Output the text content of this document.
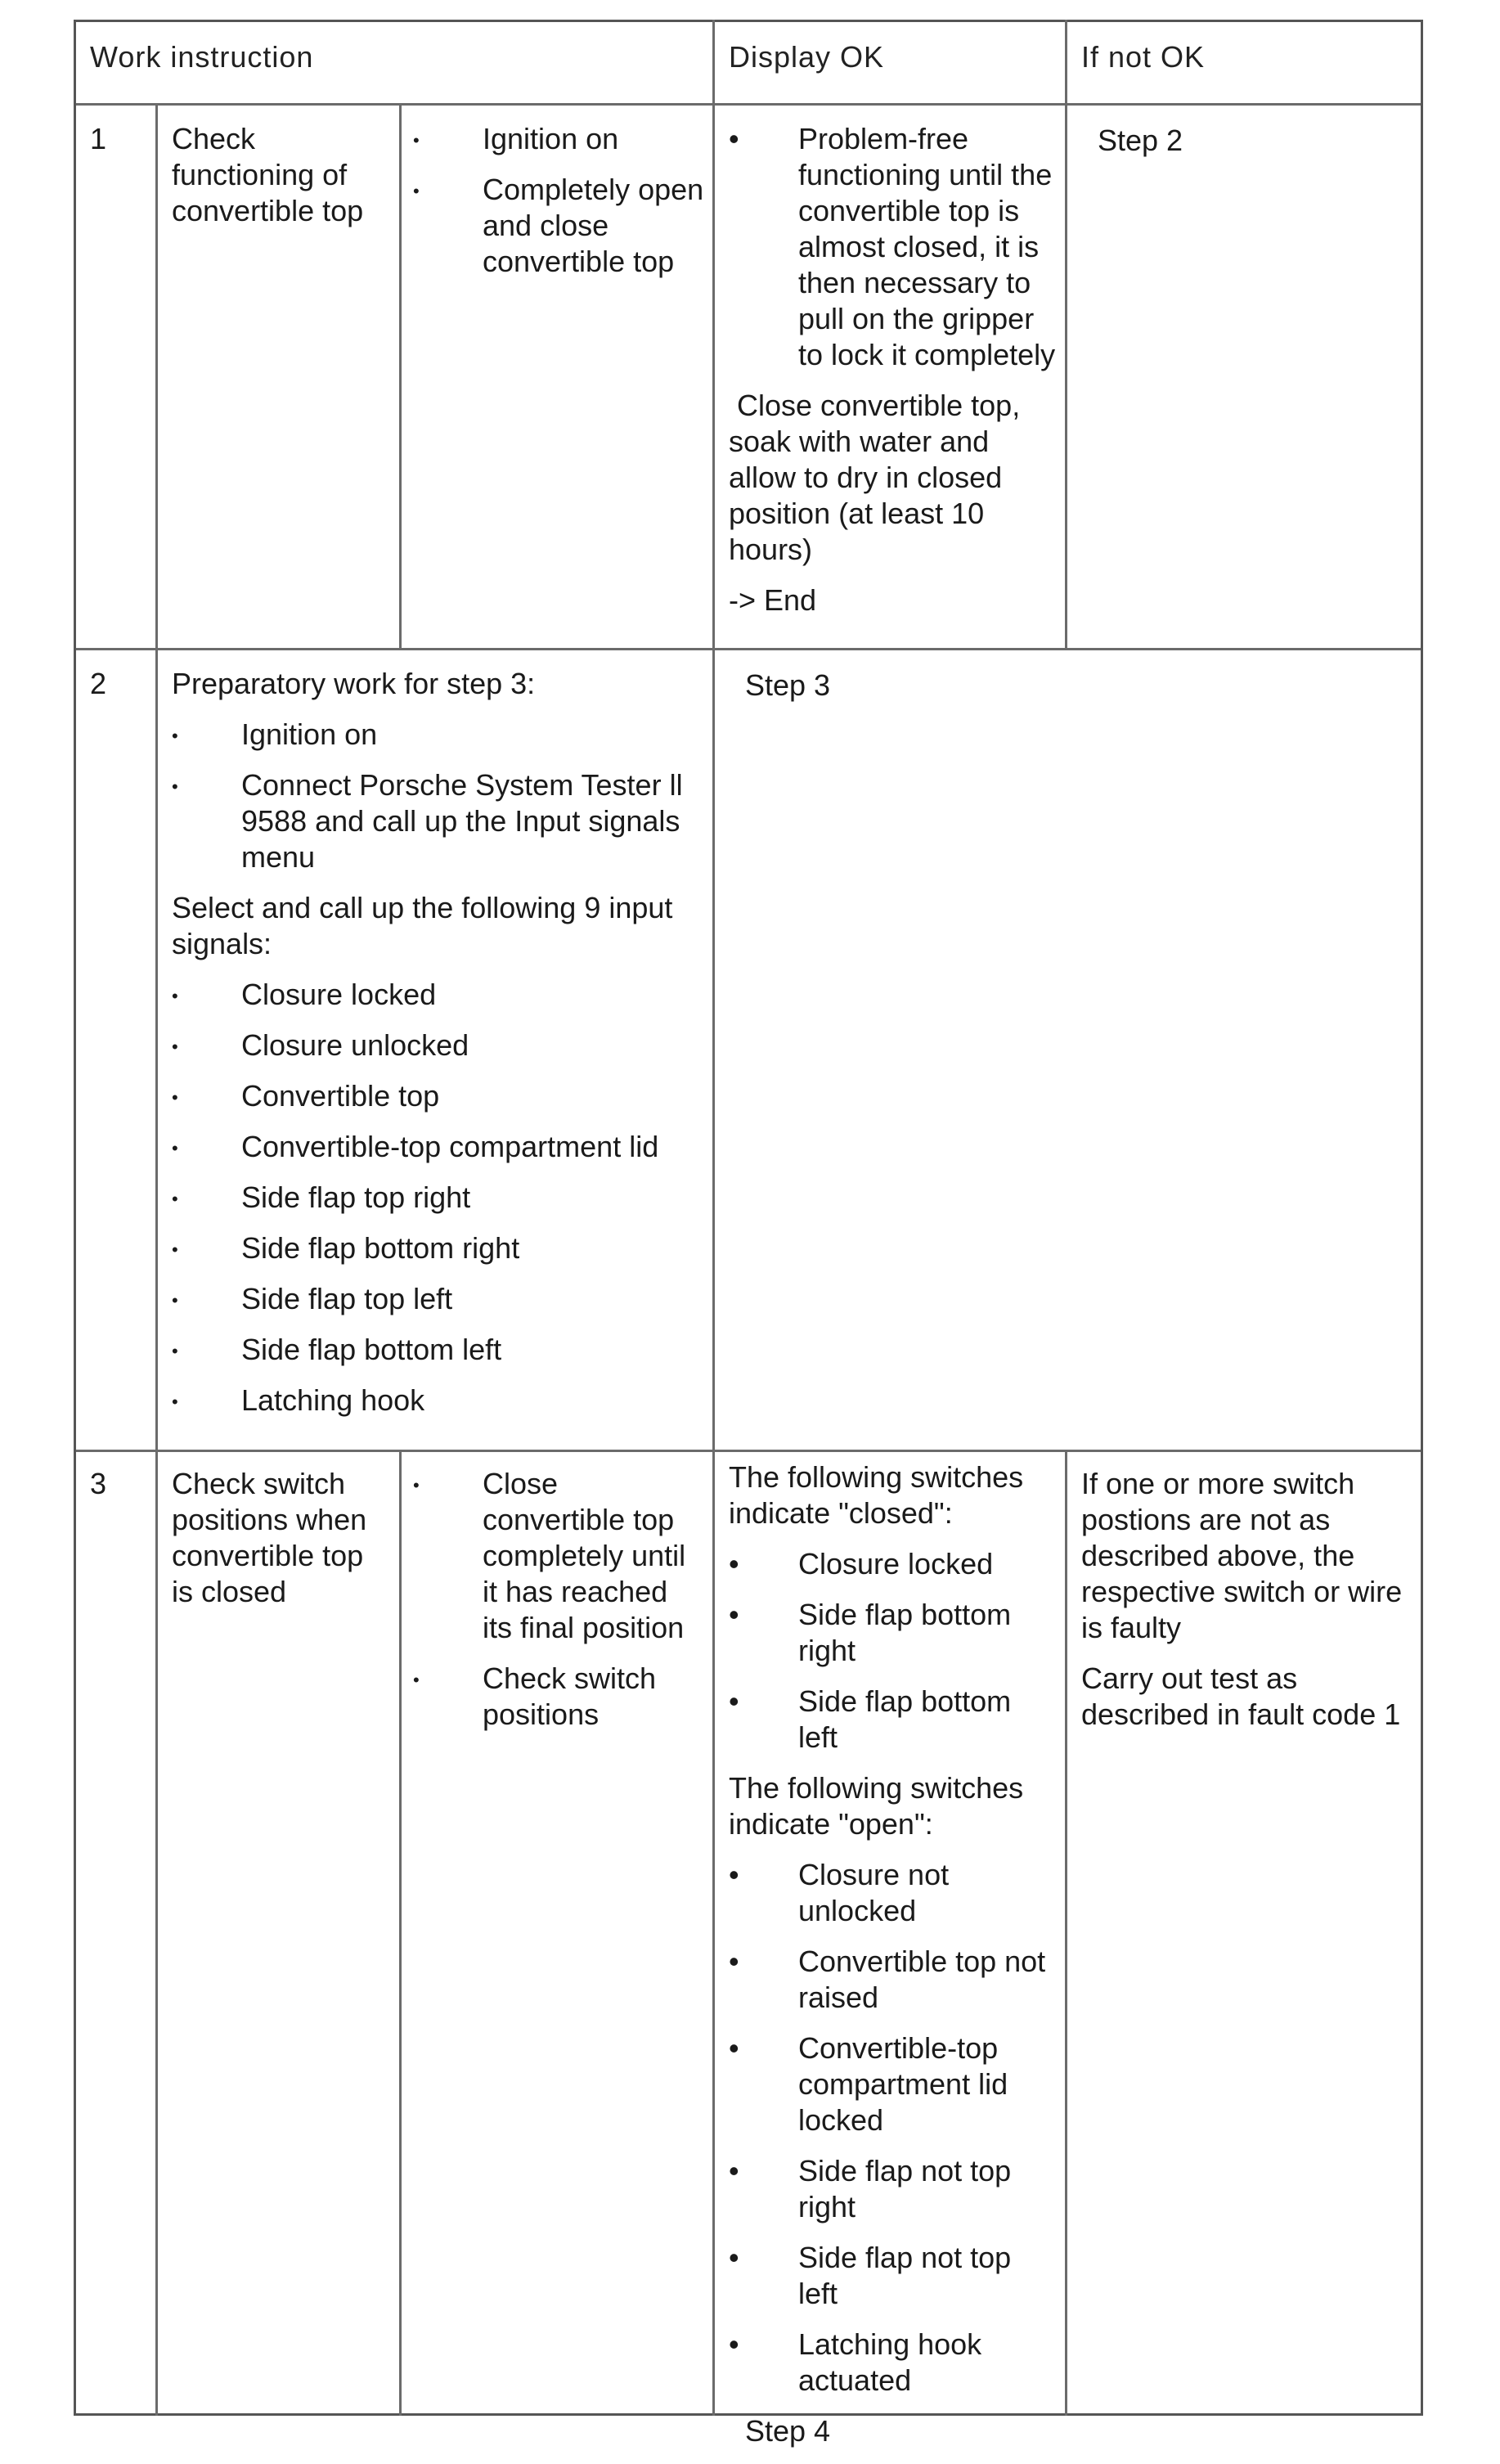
Work instruction	Display OK	If not OK
1 Check functioning of convertible top
• Ignition on
• Completely open and close convertible top
• Problem-free functioning until the convertible top is almost closed, it is then necessary to pull on the gripper to lock it completely

Close convertible top, soak with water and allow to dry in closed position (at least 10 hours)

-> End

Step 2
2 Preparatory work for step 3:

• Ignition on
• Connect Porsche System Tester ll 9588 and call up the Input signals menu

Select and call up the following 9 input signals:

• Closure locked
• Closure unlocked
• Convertible top
• Convertible-top compartment lid
• Side flap top right
• Side flap bottom right
• Side flap top left
• Side flap bottom left
• Latching hook
Step 3
3 Check switch positions when convertible top is closed
• Close convertible top completely until it has reached its final position
• Check switch positions

The following switches indicate "closed":

• Closure locked
• Side flap bottom right
• Side flap bottom left

The following switches indicate "open":

• Closure not unlocked
• Convertible top not raised
• Convertible-top compartment lid locked
• Side flap not top right
• Side flap not top left
• Latching hook actuated

Step 4

If one or more switch postions are not as described above, the respective switch or wire is faulty

Carry out test as described in fault code 1
